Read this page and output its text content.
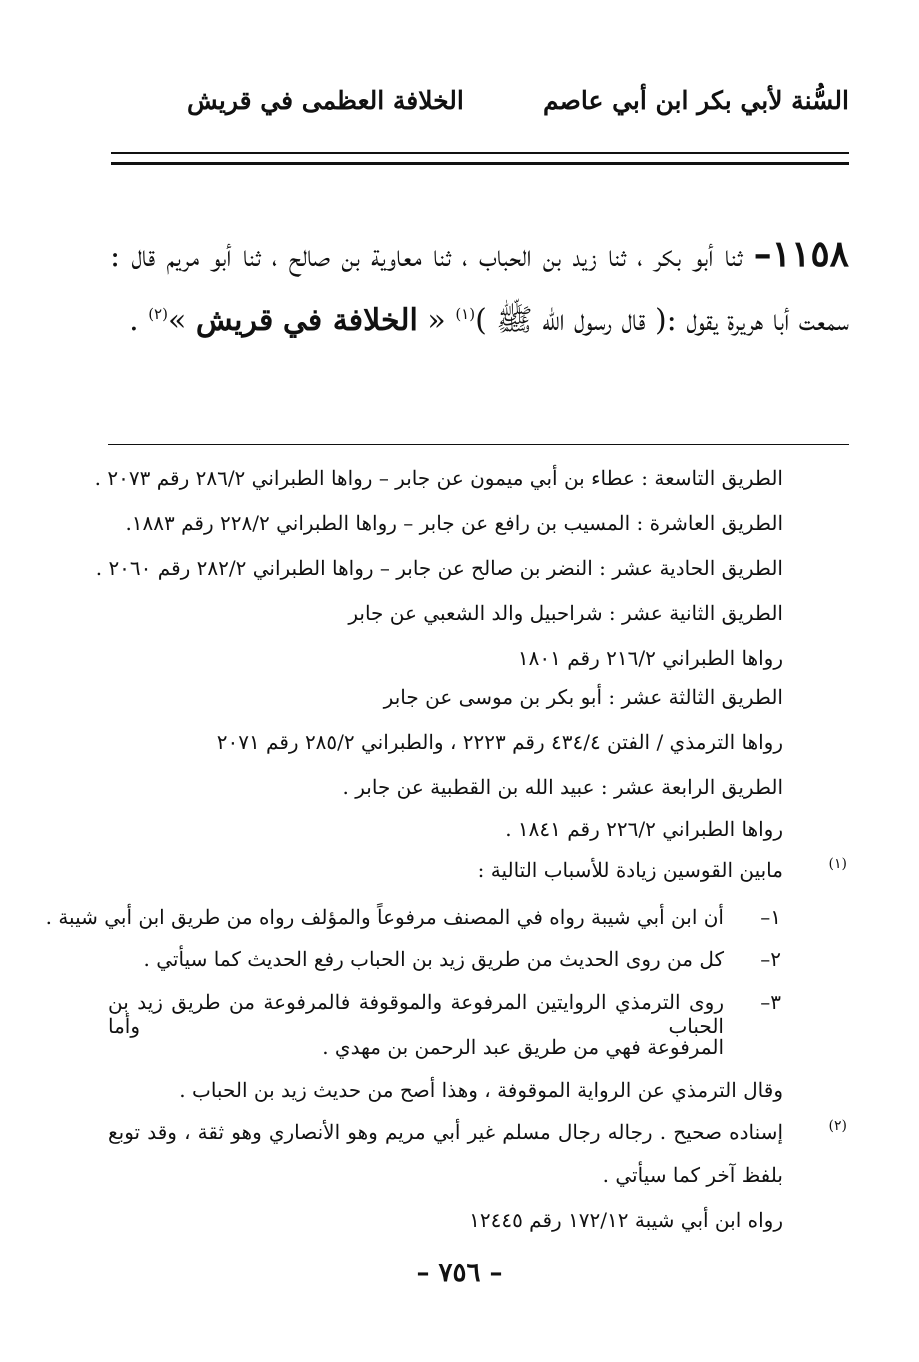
السُّنة لأبي بكر ابن أبي عاصم
الخلافة العظمى في قريش
١١٥٨– ثنا أبو بكر ، ثنا زيد بن الحباب ، ثنا معاوية بن صالح ، ثنا أبو مريم قال : سمعت أبا هريرة يقول :( قال رسول الله ﷺ )$^{(١)}$ « الخلافة في قريش »$^{(٢)}$ .
الطريق التاسعة : عطاء بن أبي ميمون عن جابر – رواها الطبراني ٢٨٦/٢ رقم ٢٠٧٣ .
الطريق العاشرة : المسيب بن رافع عن جابر – رواها الطبراني ٢٢٨/٢ رقم ١٨٨٣.
الطريق الحادية عشر : النضر بن صالح عن جابر – رواها الطبراني ٢٨٢/٢ رقم ٢٠٦٠ .
الطريق الثانية عشر : شراحبيل والد الشعبي عن جابر
رواها الطبراني ٢١٦/٢ رقم ١٨٠١
الطريق الثالثة عشر : أبو بكر بن موسى عن جابر
رواها الترمذي / الفتن ٤٣٤/٤ رقم ٢٢٢٣ ، والطبراني ٢٨٥/٢ رقم ٢٠٧١
الطريق الرابعة عشر : عبيد الله بن القطبية عن جابر .
رواها الطبراني ٢٢٦/٢ رقم ١٨٤١ .
(١)
مابين القوسين زيادة للأسباب التالية :
١–
أن ابن أبي شيبة رواه في المصنف مرفوعاً والمؤلف رواه من طريق ابن أبي شيبة .
٢–
كل من روى الحديث من طريق زيد بن الحباب رفع الحديث كما سيأتي .
٣–
روى الترمذي الروايتين المرفوعة والموقوفة فالمرفوعة من طريق زيد بن الحباب وأما
المرفوعة فهي من طريق عبد الرحمن بن مهدي .
وقال الترمذي عن الرواية الموقوفة ، وهذا أصح من حديث زيد بن الحباب .
(٢)
إسناده صحيح . رجاله رجال مسلم غير أبي مريم وهو الأنصاري وهو ثقة ، وقد توبع
بلفظ آخر كما سيأتي .
رواه ابن أبي شيبة ١٧٢/١٢ رقم ١٢٤٤٥
– ٧٥٦ –
